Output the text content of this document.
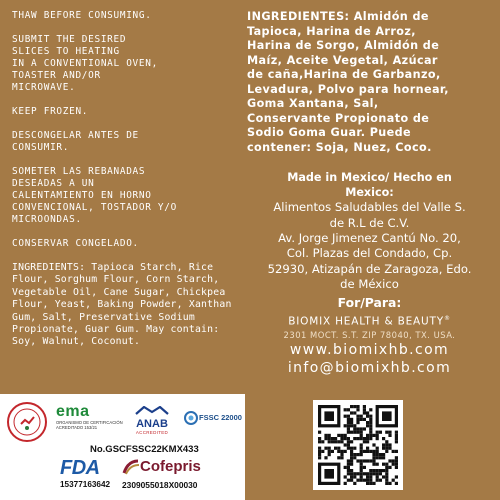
THAW BEFORE CONSUMING.

SUBMIT THE DESIRED
SLICES TO HEATING
IN A CONVENTIONAL OVEN,
TOASTER AND/OR
MICROWAVE.

KEEP FROZEN.

DESCONGELAR ANTES DE
CONSUMIR.

SOMETER LAS REBANADAS
DESEADAS A UN
CALENTAMIENTO EN HORNO
CONVENCIONAL, TOSTADOR Y/O
MICROONDAS.

CONSERVAR CONGELADO.

INGREDIENTS: Tapioca Starch, Rice Flour, Sorghum Flour, Corn Starch, Vegetable Oil, Cane Sugar, Chickpea Flour, Yeast, Baking Powder, Xanthan Gum, Salt, Preservative Sodium Propionate, Guar Gum. May contain: Soy, Walnut, Coconut.

INGREDIENTES: Almidón de
Tapioca, Harina de Arroz,
Harina de Sorgo, Almidón de
Maíz, Aceite Vegetal, Azúcar
de caña,Harina de Garbanzo,
Levadura, Polvo para hornear,
Goma Xantana, Sal,
Conservante Propionato de
Sodio Goma Guar. Puede
contener: Soja, Nuez, Coco.

Made in Mexico/ Hecho en
Mexico:
Alimentos Saludables del Valle S.
de R.L de C.V.
Av. Jorge Jimenez Cantú No. 20,
Col. Plazas del Condado, Cp.
52930, Atizapán de Zaragoza, Edo.
de México
For/Para:
BIOMIX HEALTH & BEAUTY®
2301 MOCT. S.T. ZIP 78040, TX. USA.
www.biomixhb.com
info@biomixhb.com
ema
ORGANISMO DE CERTIFICACIÓN
ACREDITADO 153/21	ANAB
ACCREDITED
FSSC 22000
No.GSCFSSC22KMX433
FDA
15377163642
Cofepris
2309055018X00030
